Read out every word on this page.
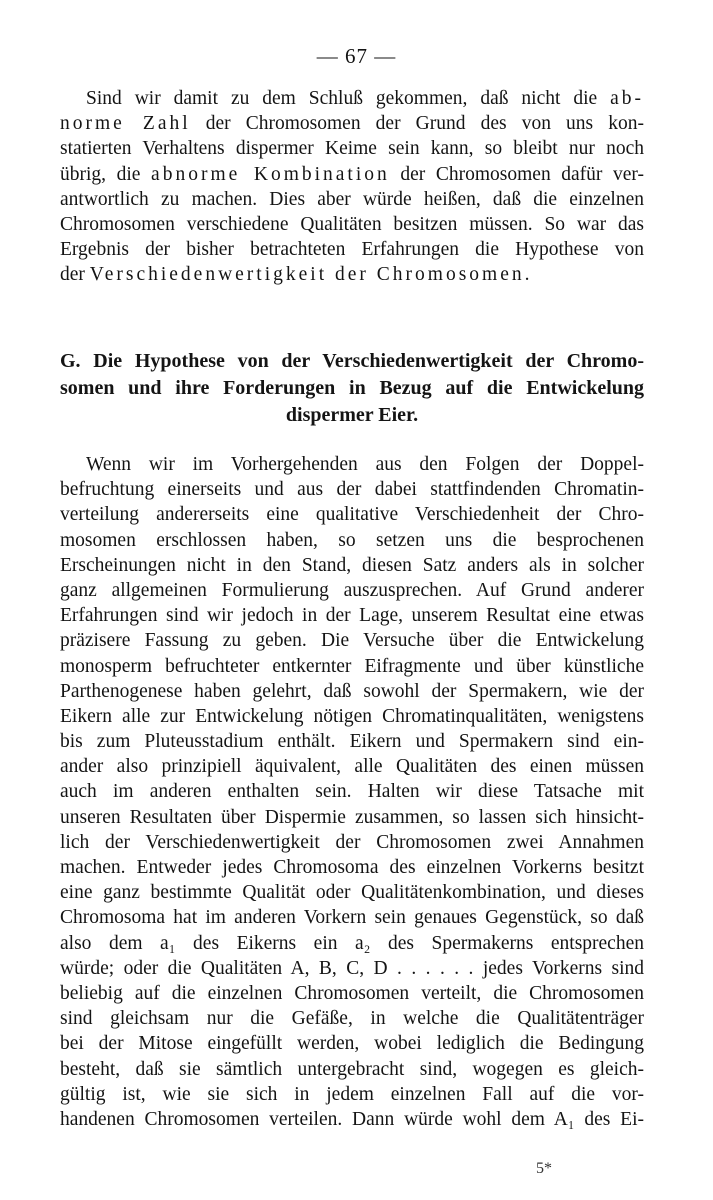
— 67 —
Sind wir damit zu dem Schluß gekommen, daß nicht die ab-
norme Zahl der Chromosomen der Grund des von uns kon-
statierten Verhaltens dispermer Keime sein kann, so bleibt nur noch
übrig, die abnorme Kombination der Chromosomen dafür ver-
antwortlich zu machen. Dies aber würde heißen, daß die einzelnen
Chromosomen verschiedene Qualitäten besitzen müssen. So war das
Ergebnis der bisher betrachteten Erfahrungen die Hypothese von
der Verschiedenwertigkeit der Chromosomen.
G. Die Hypothese von der Verschiedenwertigkeit der Chromo-
somen und ihre Forderungen in Bezug auf die Entwickelung
dispermer Eier.
Wenn wir im Vorhergehenden aus den Folgen der Doppel-
befruchtung einerseits und aus der dabei stattfindenden Chromatin-
verteilung andererseits eine qualitative Verschiedenheit der Chro-
mosomen erschlossen haben, so setzen uns die besprochenen
Erscheinungen nicht in den Stand, diesen Satz anders als in solcher
ganz allgemeinen Formulierung auszusprechen. Auf Grund anderer
Erfahrungen sind wir jedoch in der Lage, unserem Resultat eine etwas
präzisere Fassung zu geben. Die Versuche über die Entwickelung
monosperm befruchteter entkernter Eifragmente und über künstliche
Parthenogenese haben gelehrt, daß sowohl der Spermakern, wie der
Eikern alle zur Entwickelung nötigen Chromatinqualitäten, wenigstens
bis zum Pluteusstadium enthält. Eikern und Spermakern sind ein-
ander also prinzipiell äquivalent, alle Qualitäten des einen müssen
auch im anderen enthalten sein. Halten wir diese Tatsache mit
unseren Resultaten über Dispermie zusammen, so lassen sich hinsicht-
lich der Verschiedenwertigkeit der Chromosomen zwei Annahmen
machen. Entweder jedes Chromosoma des einzelnen Vorkerns besitzt
eine ganz bestimmte Qualität oder Qualitätenkombination, und dieses
Chromosoma hat im anderen Vorkern sein genaues Gegenstück, so daß
also dem a₁ des Eikerns ein a₂ des Spermakerns entsprechen
würde; oder die Qualitäten A, B, C, D . . . . . . jedes Vorkerns sind
beliebig auf die einzelnen Chromosomen verteilt, die Chromosomen
sind gleichsam nur die Gefäße, in welche die Qualitätenträger
bei der Mitose eingefüllt werden, wobei lediglich die Bedingung
besteht, daß sie sämtlich untergebracht sind, wogegen es gleich-
gültig ist, wie sie sich in jedem einzelnen Fall auf die vor-
handenen Chromosomen verteilen. Dann würde wohl dem A₁ des Ei-
5*
